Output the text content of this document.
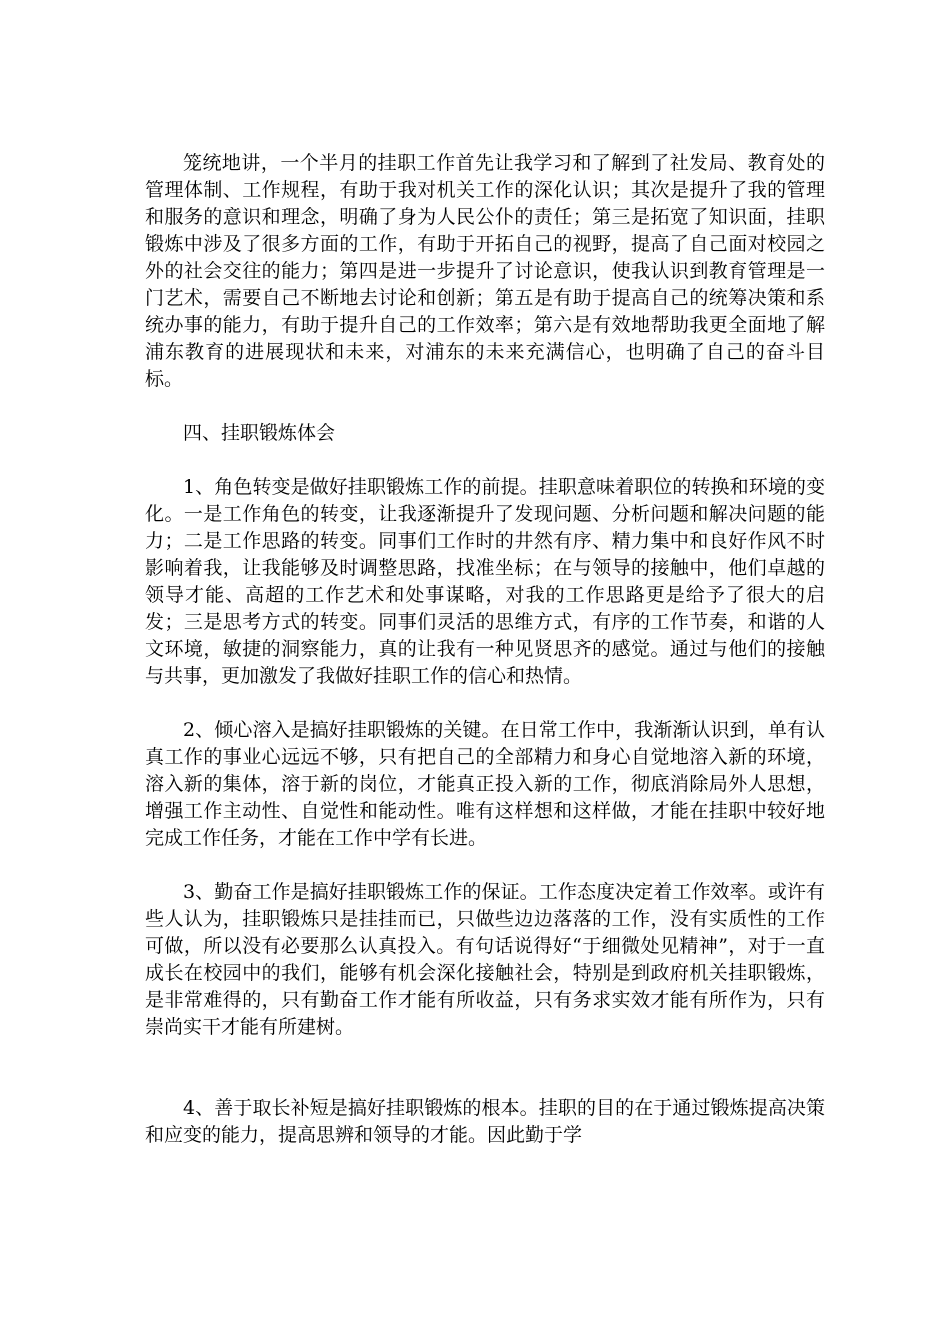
笼统地讲，一个半月的挂职工作首先让我学习和了解到了社发局、教育处的管理体制、工作规程，有助于我对机关工作的深化认识；其次是提升了我的管理和服务的意识和理念，明确了身为人民公仆的责任；第三是拓宽了知识面，挂职锻炼中涉及了很多方面的工作，有助于开拓自己的视野，提高了自己面对校园之外的社会交往的能力；第四是进一步提升了讨论意识，使我认识到教育管理是一门艺术，需要自己不断地去讨论和创新；第五是有助于提高自己的统筹决策和系统办事的能力，有助于提升自己的工作效率；第六是有效地帮助我更全面地了解浦东教育的进展现状和未来，对浦东的未来充满信心，也明确了自己的奋斗目标。

四、挂职锻炼体会

1、角色转变是做好挂职锻炼工作的前提。挂职意味着职位的转换和环境的变化。一是工作角色的转变，让我逐渐提升了发现问题、分析问题和解决问题的能力；二是工作思路的转变。同事们工作时的井然有序、精力集中和良好作风不时影响着我，让我能够及时调整思路，找准坐标；在与领导的接触中，他们卓越的领导才能、高超的工作艺术和处事谋略，对我的工作思路更是给予了很大的启发；三是思考方式的转变。同事们灵活的思维方式，有序的工作节奏，和谐的人文环境，敏捷的洞察能力，真的让我有一种见贤思齐的感觉。通过与他们的接触与共事，更加激发了我做好挂职工作的信心和热情。

2、倾心溶入是搞好挂职锻炼的关键。在日常工作中，我渐渐认识到，单有认真工作的事业心远远不够，只有把自己的全部精力和身心自觉地溶入新的环境，溶入新的集体，溶于新的岗位，才能真正投入新的工作，彻底消除局外人思想，增强工作主动性、自觉性和能动性。唯有这样想和这样做，才能在挂职中较好地完成工作任务，才能在工作中学有长进。

3、勤奋工作是搞好挂职锻炼工作的保证。工作态度决定着工作效率。或许有些人认为，挂职锻炼只是挂挂而已，只做些边边落落的工作，没有实质性的工作可做，所以没有必要那么认真投入。有句话说得好“于细微处见精神”，对于一直成长在校园中的我们，能够有机会深化接触社会，特别是到政府机关挂职锻炼，是非常难得的，只有勤奋工作才能有所收益，只有务求实效才能有所作为，只有崇尚实干才能有所建树。

4、善于取长补短是搞好挂职锻炼的根本。挂职的目的在于通过锻炼提高决策和应变的能力，提高思辨和领导的才能。因此勤于学
